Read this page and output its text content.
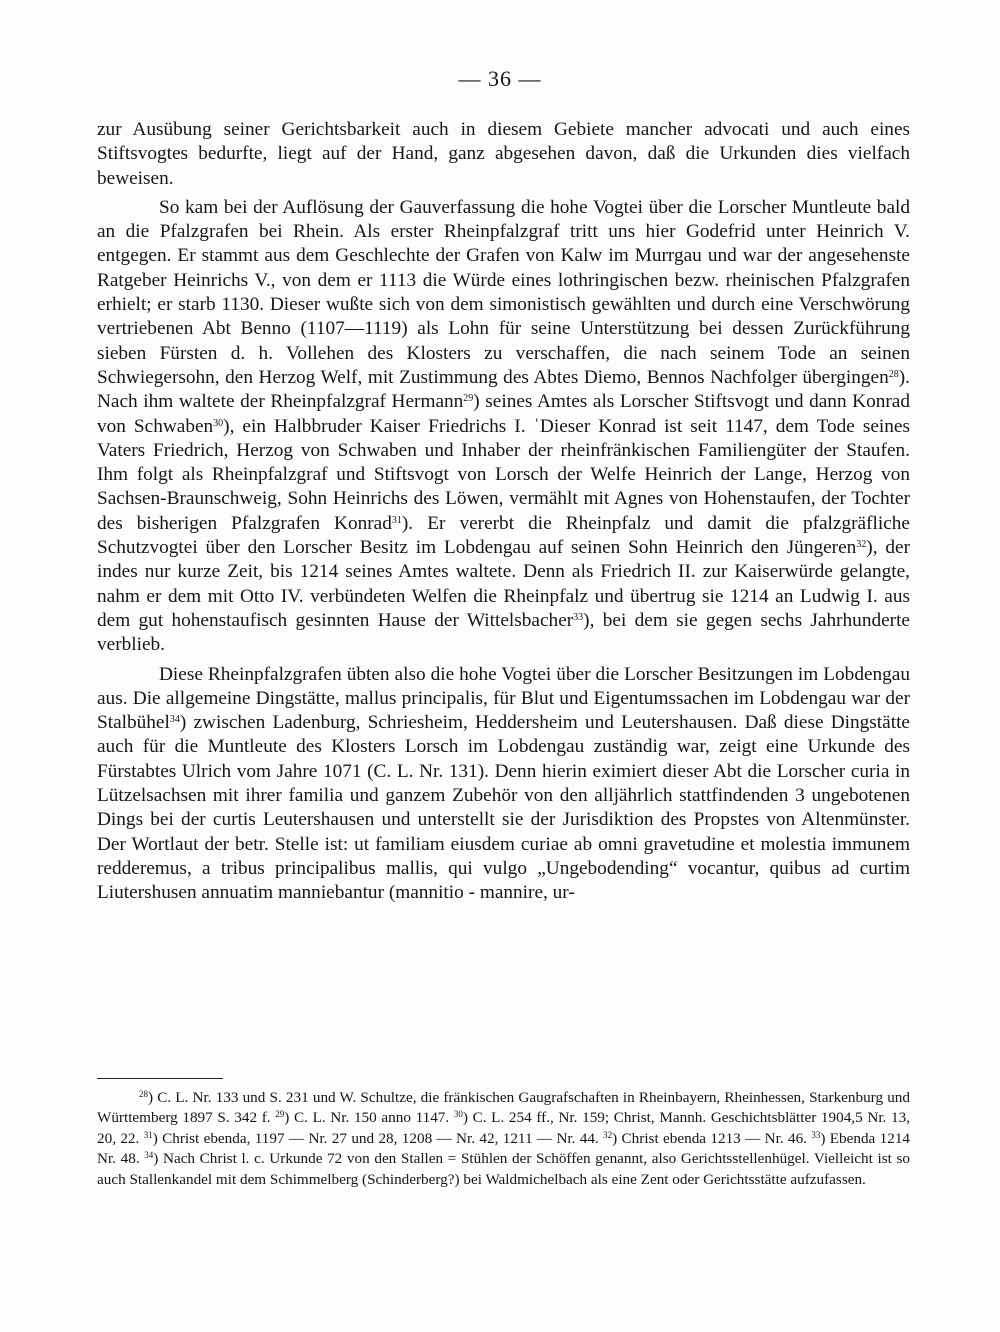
— 36 —

zur Ausübung seiner Gerichtsbarkeit auch in diesem Gebiete mancher advocati und auch eines Stiftsvogtes bedurfte, liegt auf der Hand, ganz abgesehen davon, daß die Urkunden dies vielfach beweisen.

So kam bei der Auflösung der Gauverfassung die hohe Vogtei über die Lorscher Muntleute bald an die Pfalzgrafen bei Rhein. Als erster Rheinpfalzgraf tritt uns hier Godefrid unter Heinrich V. entgegen. Er stammt aus dem Geschlechte der Grafen von Kalw im Murrgau und war der angesehenste Ratgeber Heinrichs V., von dem er 1113 die Würde eines lothringischen bezw. rheinischen Pfalzgrafen erhielt; er starb 1130. Dieser wußte sich von dem simonistisch gewählten und durch eine Verschwörung vertriebenen Abt Benno (1107—1119) als Lohn für seine Unterstützung bei dessen Zurückführung sieben Fürsten d. h. Vollehen des Klosters zu verschaffen, die nach seinem Tode an seinen Schwiegersohn, den Herzog Welf, mit Zustimmung des Abtes Diemo, Bennos Nachfolger übergingen$^{28}$). Nach ihm waltete der Rheinpfalzgraf Hermann$^{29}$) seines Amtes als Lorscher Stiftsvogt und dann Konrad von Schwaben$^{30}$), ein Halbbruder Kaiser Friedrichs I. ˈDieser Konrad ist seit 1147, dem Tode seines Vaters Friedrich, Herzog von Schwaben und Inhaber der rheinfränkischen Familiengüter der Staufen. Ihm folgt als Rheinpfalzgraf und Stiftsvogt von Lorsch der Welfe Heinrich der Lange, Herzog von Sachsen-Braunschweig, Sohn Heinrichs des Löwen, vermählt mit Agnes von Hohenstaufen, der Tochter des bisherigen Pfalzgrafen Konrad$^{31}$). Er vererbt die Rheinpfalz und damit die pfalzgräfliche Schutzvogtei über den Lorscher Besitz im Lobdengau auf seinen Sohn Heinrich den Jüngeren$^{32}$), der indes nur kurze Zeit, bis 1214 seines Amtes waltete. Denn als Friedrich II. zur Kaiserwürde gelangte, nahm er dem mit Otto IV. verbündeten Welfen die Rheinpfalz und übertrug sie 1214 an Ludwig I. aus dem gut hohenstaufisch gesinnten Hause der Wittelsbacher$^{33}$), bei dem sie gegen sechs Jahrhunderte verblieb.

Diese Rheinpfalzgrafen übten also die hohe Vogtei über die Lorscher Besitzungen im Lobdengau aus. Die allgemeine Dingstätte, mallus principalis, für Blut und Eigentumssachen im Lobdengau war der Stalbühel$^{34}$) zwischen Ladenburg, Schriesheim, Heddersheim und Leutershausen. Daß diese Dingstätte auch für die Muntleute des Klosters Lorsch im Lobdengau zuständig war, zeigt eine Urkunde des Fürstabtes Ulrich vom Jahre 1071 (C. L. Nr. 131). Denn hierin eximiert dieser Abt die Lorscher curia in Lützelsachsen mit ihrer familia und ganzem Zubehör von den alljährlich stattfindenden 3 ungebotenen Dings bei der curtis Leutershausen und unterstellt sie der Jurisdiktion des Propstes von Altenmünster. Der Wortlaut der betr. Stelle ist: ut familiam eiusdem curiae ab omni gravetudine et molestia immunem redderemus, a tribus principalibus mallis, qui vulgo „Ungebodending“ vocantur, quibus ad curtim Liutershusen annuatim manniebantur (mannitio - mannire, ur-

$^{28}$) C. L. Nr. 133 und S. 231 und W. Schultze, die fränkischen Gaugrafschaften in Rheinbayern, Rheinhessen, Starkenburg und Württemberg 1897 S. 342 f. $^{29}$) C. L. Nr. 150 anno 1147. $^{30}$) C. L. 254 ff., Nr. 159; Christ, Mannh. Geschichtsblätter 1904,5 Nr. 13, 20, 22. $^{31}$) Christ ebenda, 1197 — Nr. 27 und 28, 1208 — Nr. 42, 1211 — Nr. 44. $^{32}$) Christ ebenda 1213 — Nr. 46. $^{33}$) Ebenda 1214 Nr. 48. $^{34}$) Nach Christ l. c. Urkunde 72 von den Stallen = Stühlen der Schöffen genannt, also Gerichtsstellenhügel. Vielleicht ist so auch Stallenkandel mit dem Schimmelberg (Schinderberg?) bei Waldmichelbach als eine Zent oder Gerichtsstätte aufzufassen.
